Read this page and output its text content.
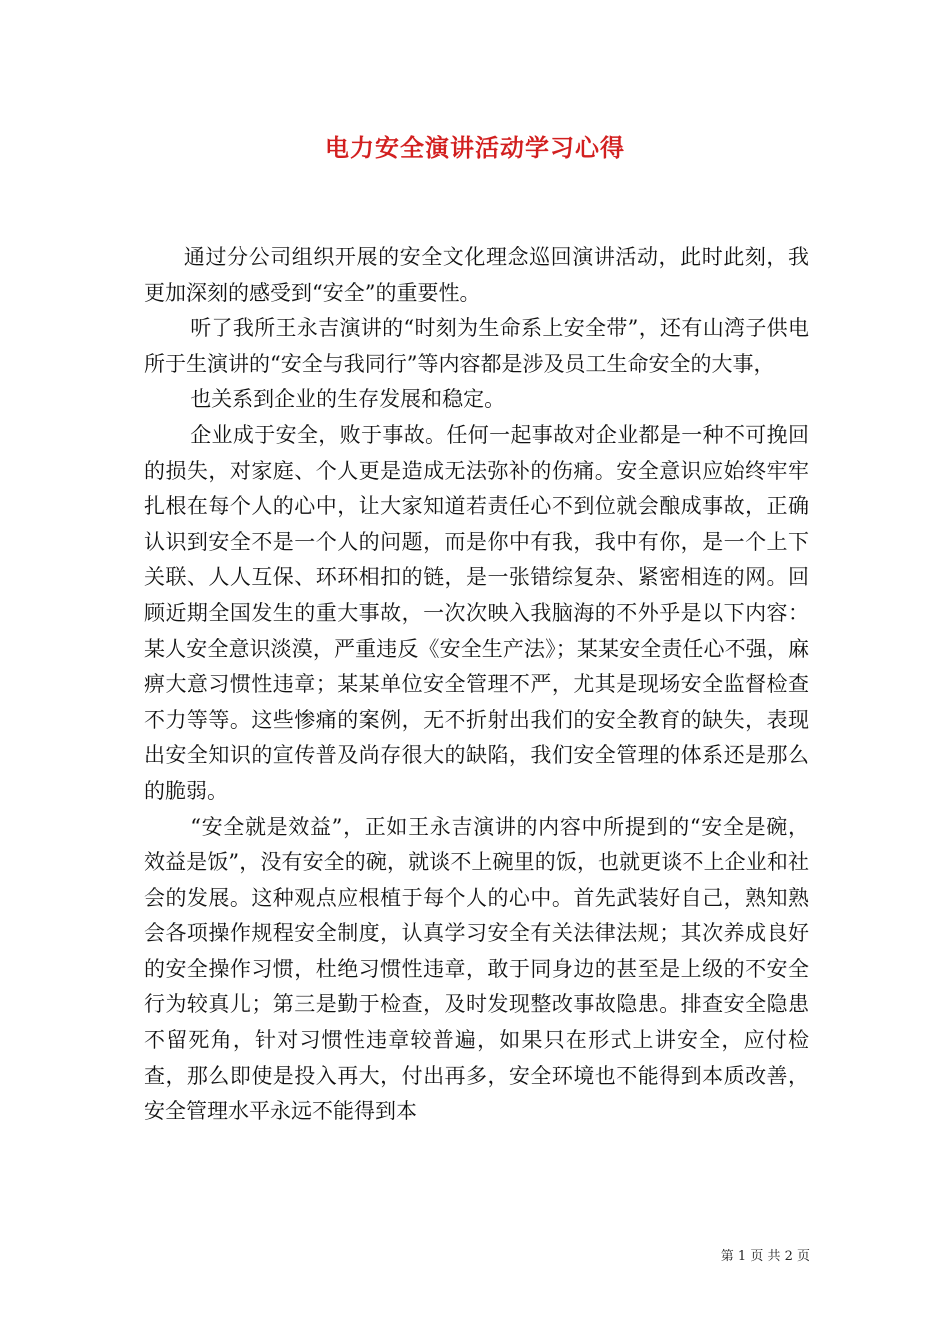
电力安全演讲活动学习心得

通过分公司组织开展的安全文化理念巡回演讲活动，此时此刻，我更加深刻的感受到“安全”的重要性。

听了我所王永吉演讲的“时刻为生命系上安全带”，还有山湾子供电所于生演讲的“安全与我同行”等内容都是涉及员工生命安全的大事，

也关系到企业的生存发展和稳定。

企业成于安全，败于事故。任何一起事故对企业都是一种不可挽回的损失，对家庭、个人更是造成无法弥补的伤痛。安全意识应始终牢牢扎根在每个人的心中，让大家知道若责任心不到位就会酿成事故，正确认识到安全不是一个人的问题，而是你中有我，我中有你，是一个上下关联、人人互保、环环相扣的链，是一张错综复杂、紧密相连的网。回顾近期全国发生的重大事故，一次次映入我脑海的不外乎是以下内容：某人安全意识淡漠，严重违反《安全生产法》；某某安全责任心不强，麻痹大意习惯性违章；某某单位安全管理不严，尤其是现场安全监督检查不力等等。这些惨痛的案例，无不折射出我们的安全教育的缺失，表现出安全知识的宣传普及尚存很大的缺陷，我们安全管理的体系还是那么的脆弱。

“安全就是效益”，正如王永吉演讲的内容中所提到的“安全是碗，效益是饭”，没有安全的碗，就谈不上碗里的饭，也就更谈不上企业和社会的发展。这种观点应根植于每个人的心中。首先武装好自己，熟知熟会各项操作规程安全制度，认真学习安全有关法律法规；其次养成良好的安全操作习惯，杜绝习惯性违章，敢于同身边的甚至是上级的不安全行为较真儿；第三是勤于检查，及时发现整改事故隐患。排查安全隐患不留死角，针对习惯性违章较普遍，如果只在形式上讲安全，应付检查，那么即使是投入再大，付出再多，安全环境也不能得到本质改善，安全管理水平永远不能得到本

第 1 页 共 2 页
